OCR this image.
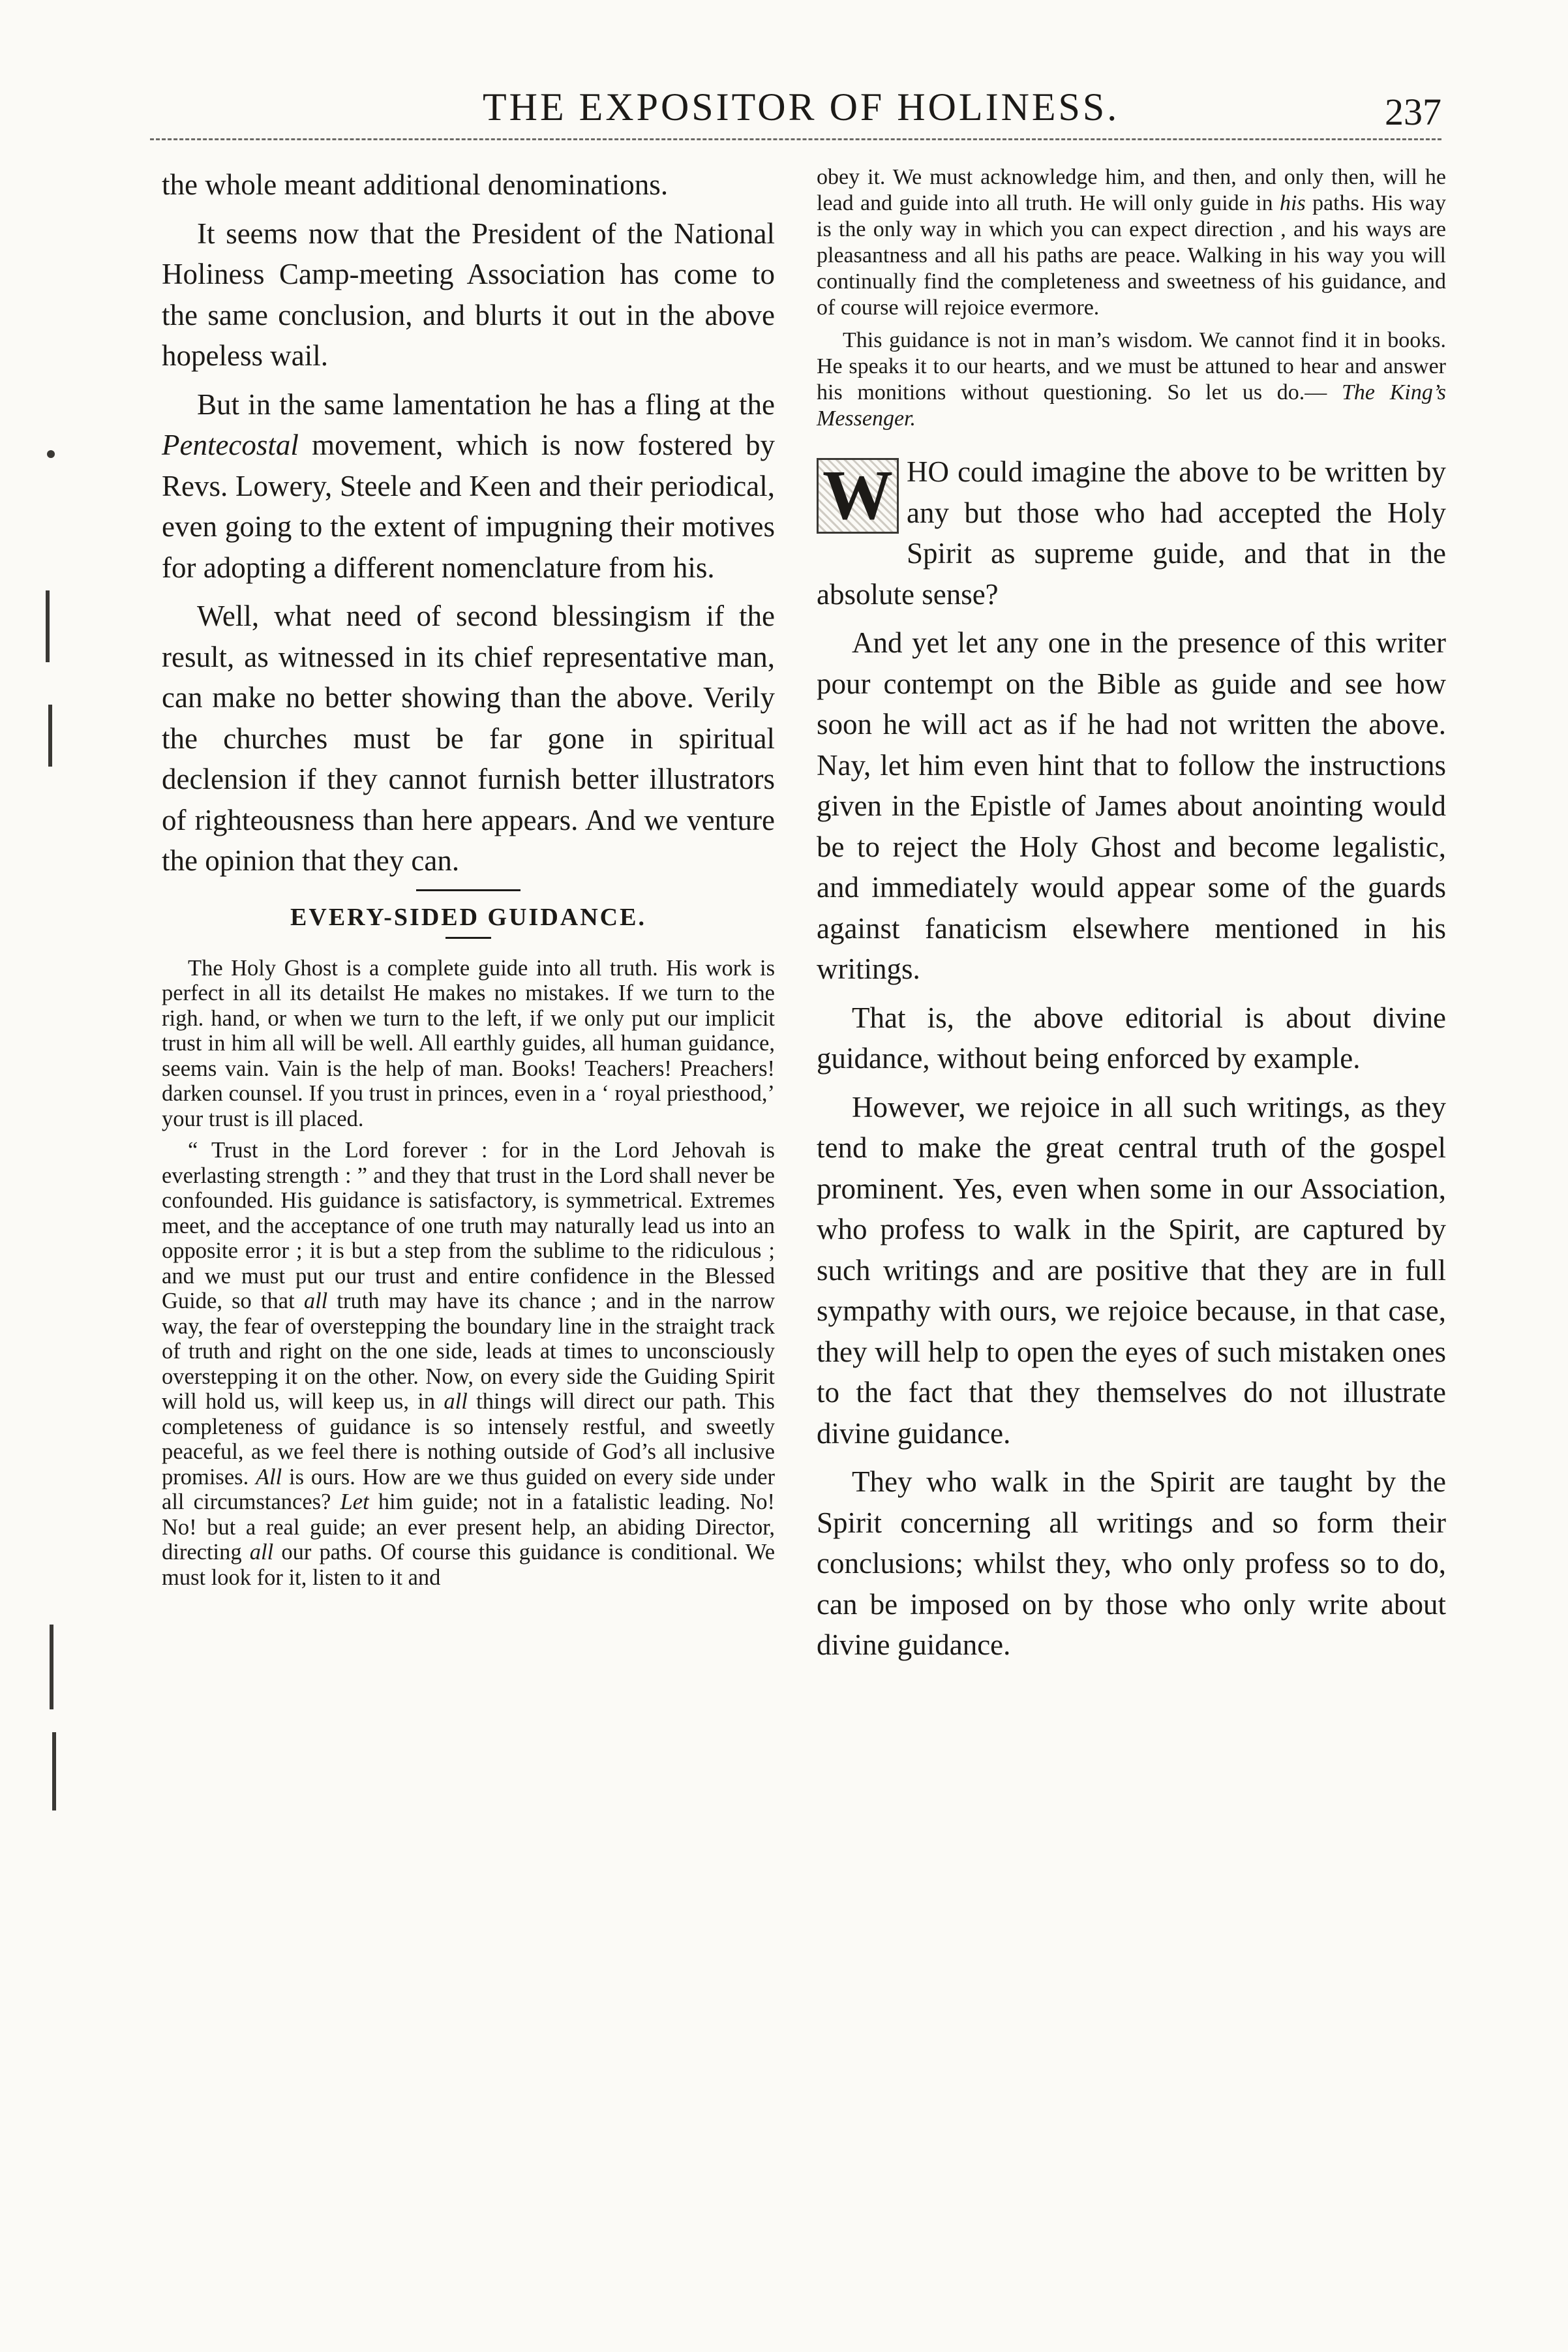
THE EXPOSITOR OF HOLINESS.	237

the whole meant additional denominations.

It seems now that the President of the National Holiness Camp-meeting Association has come to the same conclusion, and blurts it out in the above hopeless wail.

But in the same lamentation he has a fling at the Pentecostal movement, which is now fostered by Revs. Lowery, Steele and Keen and their periodical, even going to the extent of impugning their motives for adopting a different nomenclature from his.

Well, what need of second blessingism if the result, as witnessed in its chief representative man, can make no better showing than the above. Verily the churches must be far gone in spiritual declension if they cannot furnish better illustrators of righteousness than here appears. And we venture the opinion that they can.

EVERY-SIDED GUIDANCE.

The Holy Ghost is a complete guide into all truth. His work is perfect in all its detailst He makes no mistakes. If we turn to the righ. hand, or when we turn to the left, if we only put our implicit trust in him all will be well. All earthly guides, all human guidance, seems vain. Vain is the help of man. Books! Teachers! Preachers! darken counsel. If you trust in princes, even in a ‘ royal priesthood,’ your trust is ill placed.

“ Trust in the Lord forever : for in the Lord Jehovah is everlasting strength : ” and they that trust in the Lord shall never be confounded. His guidance is satisfactory, is symmetrical. Extremes meet, and the acceptance of one truth may naturally lead us into an opposite error ; it is but a step from the sublime to the ridiculous ; and we must put our trust and entire confidence in the Blessed Guide, so that all truth may have its chance ; and in the narrow way, the fear of overstepping the boundary line in the straight track of truth and right on the one side, leads at times to unconsciously overstepping it on the other. Now, on every side the Guiding Spirit will hold us, will keep us, in all things will direct our path. This completeness of guidance is so intensely restful, and sweetly peaceful, as we feel there is nothing outside of God’s all inclusive promises. All is ours. How are we thus guided on every side under all circumstances? Let him guide; not in a fatalistic leading. No! No! but a real guide; an ever present help, an abiding Director, directing all our paths. Of course this guidance is conditional. We must look for it, listen to it and

obey it. We must acknowledge him, and then, and only then, will he lead and guide into all truth. He will only guide in his paths. His way is the only way in which you can expect direction , and his ways are pleasantness and all his paths are peace. Walking in his way you will continually find the completeness and sweetness of his guidance, and of course will rejoice evermore.

This guidance is not in man’s wisdom. We cannot find it in books. He speaks it to our hearts, and we must be attuned to hear and answer his monitions without questioning. So let us do.— The King’s Messenger.

W HO could imagine the above to be written by any but those who had accepted the Holy Spirit as supreme guide, and that in the absolute sense?

And yet let any one in the presence of this writer pour contempt on the Bible as guide and see how soon he will act as if he had not written the above. Nay, let him even hint that to follow the instructions given in the Epistle of James about anointing would be to reject the Holy Ghost and become legalistic, and immediately would appear some of the guards against fanaticism elsewhere mentioned in his writings.

That is, the above editorial is about divine guidance, without being enforced by example.

However, we rejoice in all such writings, as they tend to make the great central truth of the gospel prominent. Yes, even when some in our Association, who profess to walk in the Spirit, are captured by such writings and are positive that they are in full sympathy with ours, we rejoice because, in that case, they will help to open the eyes of such mistaken ones to the fact that they themselves do not illustrate divine guidance.

They who walk in the Spirit are taught by the Spirit concerning all writings and so form their conclusions; whilst they, who only profess so to do, can be imposed on by those who only write about divine guidance.
